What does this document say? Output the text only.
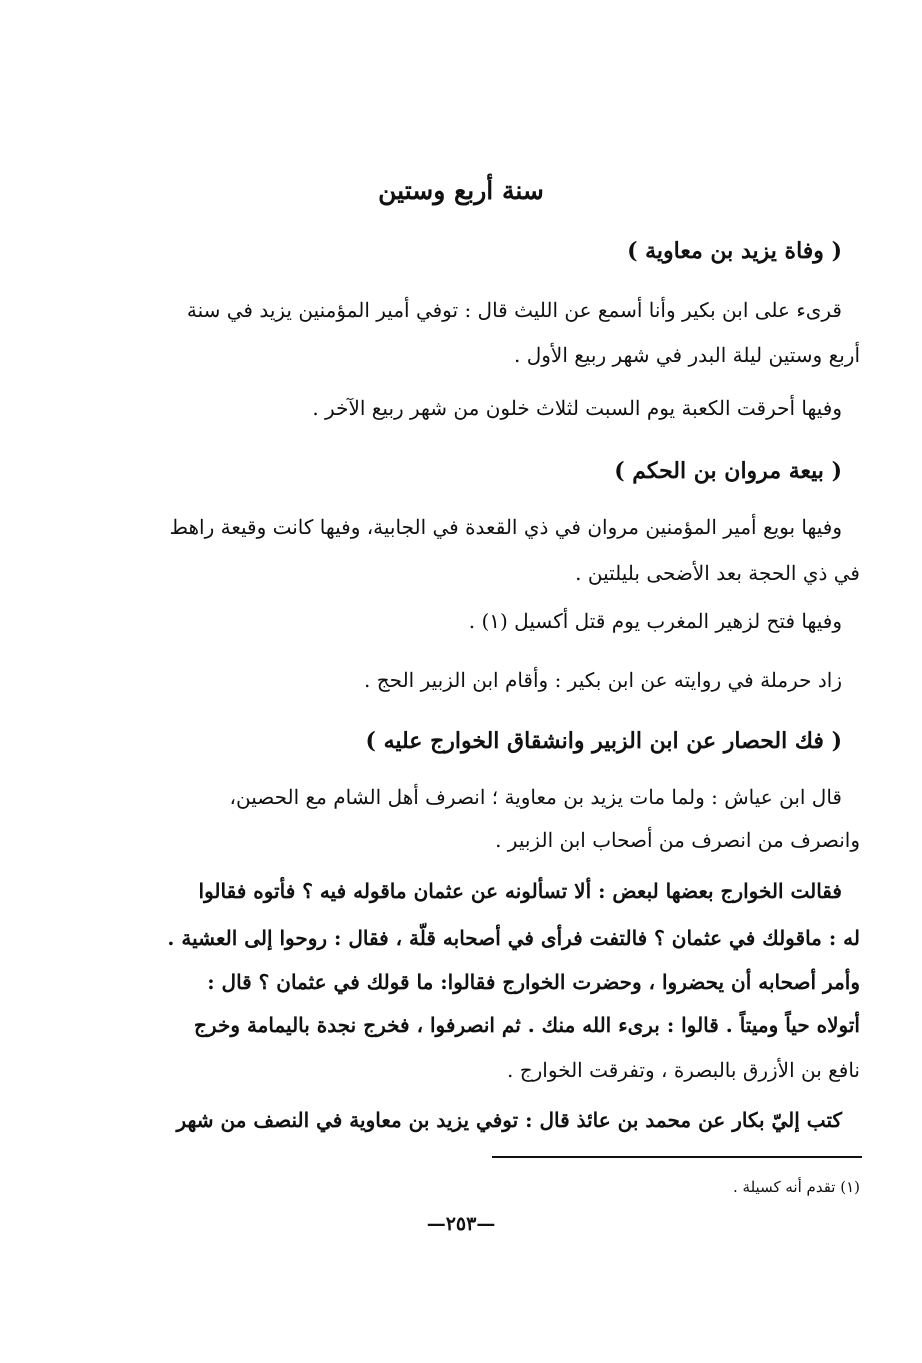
سنة أربع وستين
( وفاة يزيد بن معاوية )
قرىء على ابن بكير وأنا أسمع عن الليث قال : توفي أمير المؤمنين يزيد في سنة
أربع وستين ليلة البدر في شهر ربيع الأول .
وفيها أحرقت الكعبة يوم السبت لثلاث خلون من شهر ربيع الآخر .
( بيعة مروان بن الحكم )
وفيها بويع أمير المؤمنين مروان في ذي القعدة في الجابية، وفيها كانت وقيعة راهط
في ذي الحجة بعد الأضحى بليلتين .
وفيها فتح لزهير المغرب يوم قتل أكسيل (١) .
زاد حرملة في روايته عن ابن بكير : وأقام ابن الزبير الحج .
( فك الحصار عن ابن الزبير وانشقاق الخوارج عليه )
قال ابن عياش : ولما مات يزيد بن معاوية ؛ انصرف أهل الشام مع الحصين،
وانصرف من انصرف من أصحاب ابن الزبير .
فقالت الخوارج بعضها لبعض : ألا تسألونه عن عثمان ماقوله فيه ؟ فأتوه فقالوا
له : ماقولك في عثمان ؟ فالتفت فرأى في أصحابه قلّة ، فقال : روحوا إلى العشية .
وأمر أصحابه أن يحضروا ، وحضرت الخوارج فقالوا: ما قولك في عثمان ؟ قال :
أتولاه حياً وميتاً . قالوا : برىء الله منك . ثم انصرفوا ، فخرج نجدة باليمامة وخرج
نافع بن الأزرق بالبصرة ، وتفرقت الخوارج .
كتب إليّ بكار عن محمد بن عائذ قال : توفي يزيد بن معاوية في النصف من شهر
(١) تقدم أنه كسيلة .
—٢٥٣—
